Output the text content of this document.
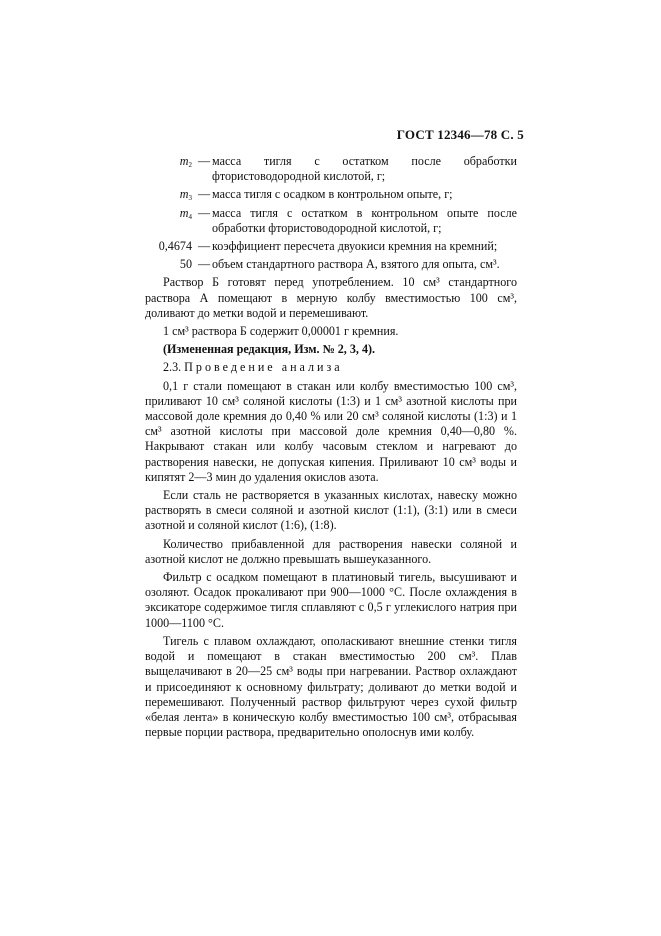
ГОСТ 12346—78 С. 5
$m_2$ — масса тигля с остатком после обработки фтористоводородной кислотой, г;
$m_3$ — масса тигля с осадком в контрольном опыте, г;
$m_4$ — масса тигля с остатком в контрольном опыте после обработки фтористоводородной кислотой, г;
0,4674 — коэффициент пересчета двуокиси кремния на кремний;
50 — объем стандартного раствора А, взятого для опыта, см³.

Раствор Б готовят перед употреблением. 10 см³ стандартного раствора А помещают в мерную колбу вместимостью 100 см³, доливают до метки водой и перемешивают.

1 см³ раствора Б содержит 0,00001 г кремния.

(Измененная редакция, Изм. № 2, 3, 4).

2.3. Проведение анализа

0,1 г стали помещают в стакан или колбу вместимостью 100 см³, приливают 10 см³ соляной кислоты (1:3) и 1 см³ азотной кислоты при массовой доле кремния до 0,40 % или 20 см³ соляной кислоты (1:3) и 1 см³ азотной кислоты при массовой доле кремния 0,40—0,80 %. Накрывают стакан или колбу часовым стеклом и нагревают до растворения навески, не допуская кипения. Приливают 10 см³ воды и кипятят 2—3 мин до удаления окислов азота.

Если сталь не растворяется в указанных кислотах, навеску можно растворять в смеси соляной и азотной кислот (1:1), (3:1) или в смеси азотной и соляной кислот (1:6), (1:8).

Количество прибавленной для растворения навески соляной и азотной кислот не должно превышать вышеуказанного.

Фильтр с осадком помещают в платиновый тигель, высушивают и озоляют. Осадок прокаливают при 900—1000 °С. После охлаждения в эксикаторе содержимое тигля сплавляют с 0,5 г углекислого натрия при 1000—1100 °С.

Тигель с плавом охлаждают, ополаскивают внешние стенки тигля водой и помещают в стакан вместимостью 200 см³. Плав выщелачивают в 20—25 см³ воды при нагревании. Раствор охлаждают и присоединяют к основному фильтрату; доливают до метки водой и перемешивают. Полученный раствор фильтруют через сухой фильтр «белая лента» в коническую колбу вместимостью 100 см³, отбрасывая первые порции раствора, предварительно ополоснув ими колбу.
